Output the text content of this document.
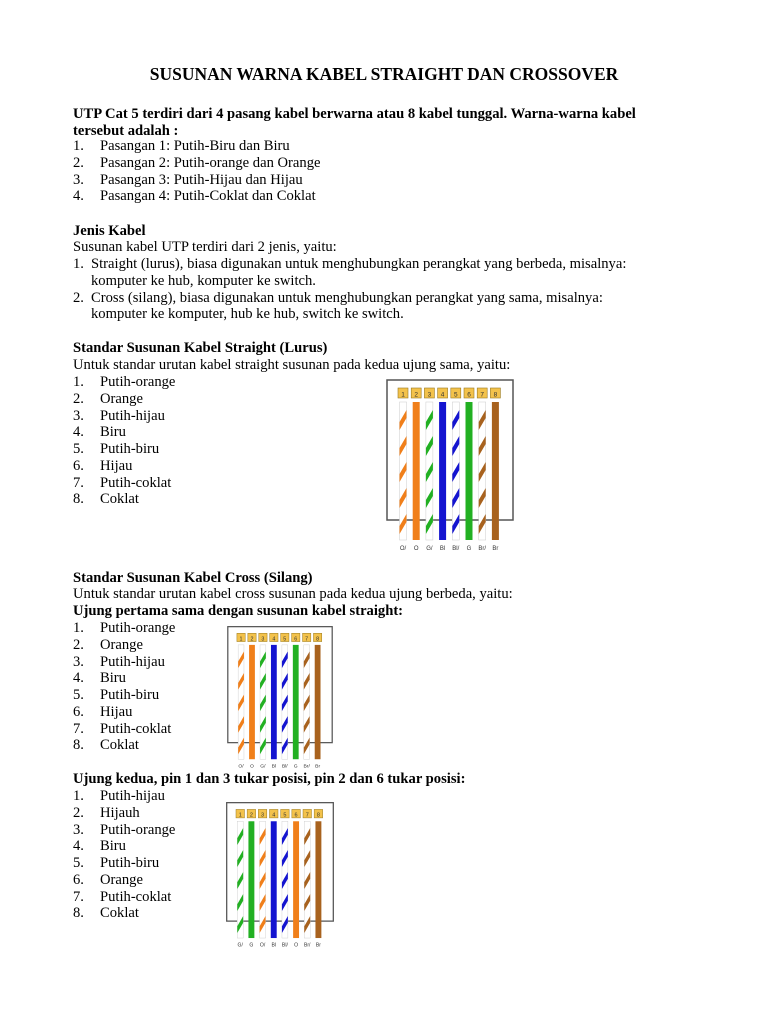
SUSUNAN WARNA KABEL STRAIGHT DAN CROSSOVER
UTP Cat 5 terdiri dari 4 pasang kabel berwarna atau 8 kabel tunggal. Warna-warna kabel
tersebut adalah :
1. Pasangan 1: Putih-Biru dan Biru
2. Pasangan 2: Putih-orange dan Orange
3. Pasangan 3: Putih-Hijau dan Hijau
4. Pasangan 4: Putih-Coklat dan Coklat
Jenis Kabel
Susunan kabel UTP terdiri dari 2 jenis, yaitu:
1. Straight (lurus), biasa digunakan untuk menghubungkan perangkat yang berbeda, misalnya:
komputer ke hub, komputer ke switch.
2. Cross (silang), biasa digunakan untuk menghubungkan perangkat yang sama, misalnya:
komputer ke komputer, hub ke hub, switch ke switch.
Standar Susunan Kabel Straight (Lurus)
Untuk standar urutan kabel straight susunan pada kedua ujung sama, yaitu:
1. Putih-orange
2. Orange
3. Putih-hijau
4. Biru
5. Putih-biru
6. Hijau
7. Putih-coklat
8. Coklat
1
O/
2
O
3
G/
4
Bl
5
Bl/
6
G
7
Br/
8
Br
Standar Susunan Kabel Cross (Silang)
Untuk standar urutan kabel cross susunan pada kedua ujung berbeda, yaitu:
Ujung pertama sama dengan susunan kabel straight:
1. Putih-orange
2. Orange
3. Putih-hijau
4. Biru
5. Putih-biru
6. Hijau
7. Putih-coklat
8. Coklat
1
O/
2
O
3
G/
4
Bl
5
Bl/
6
G
7
Br/
8
Br
Ujung kedua, pin 1 dan 3 tukar posisi, pin 2 dan 6 tukar posisi:
1. Putih-hijau
2. Hijauh
3. Putih-orange
4. Biru
5. Putih-biru
6. Orange
7. Putih-coklat
8. Coklat
1
G/
2
G
3
O/
4
Bl
5
Bl/
6
O
7
Br/
8
Br
